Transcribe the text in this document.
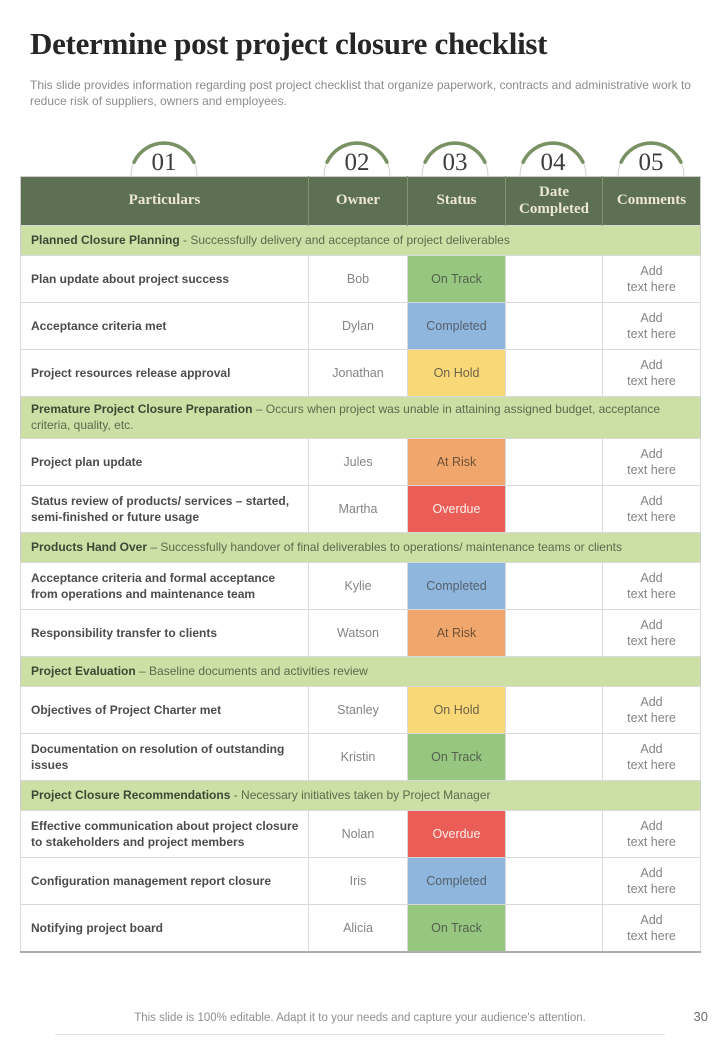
Determine post project closure checklist

This slide provides information regarding post project checklist that organize paperwork, contracts and administrative work to reduce risk of suppliers, owners and employees.

01	02	03	04	05
Particulars	Owner	Status	Date Completed	Comments
Planned Closure Planning - Successfully delivery and acceptance of project deliverables				
Plan update about project success	Bob	On Track		Add
text here

Acceptance criteria met	Dylan	Completed		Add
text here

Project resources release approval	Jonathan	On Hold		Add
text here

Premature Project Closure Preparation – Occurs when project was unable in attaining assigned budget, acceptance criteria, quality, etc.				
Project plan update	Jules	At Risk		Add
text here

Status review of products/ services – started, semi-finished or future usage	Martha	Overdue		Add
text here

Products Hand Over – Successfully handover of final deliverables to operations/ maintenance teams or clients				
Acceptance criteria and formal acceptance from operations and maintenance team	Kylie	Completed		Add
text here

Responsibility transfer to clients	Watson	At Risk		Add
text here

Project Evaluation – Baseline documents and activities review				
Objectives of Project Charter met	Stanley	On Hold		Add
text here

Documentation on resolution of outstanding issues	Kristin	On Track		Add
text here

Project Closure Recommendations - Necessary initiatives taken by Project Manager				
Effective communication about project closure to stakeholders and project members	Nolan	Overdue		Add
text here

Configuration management report closure	Iris	Completed		Add
text here

Notifying project board	Alicia	On Track		Add
text here
This slide is 100% editable. Adapt it to your needs and capture your audience's attention.	30
